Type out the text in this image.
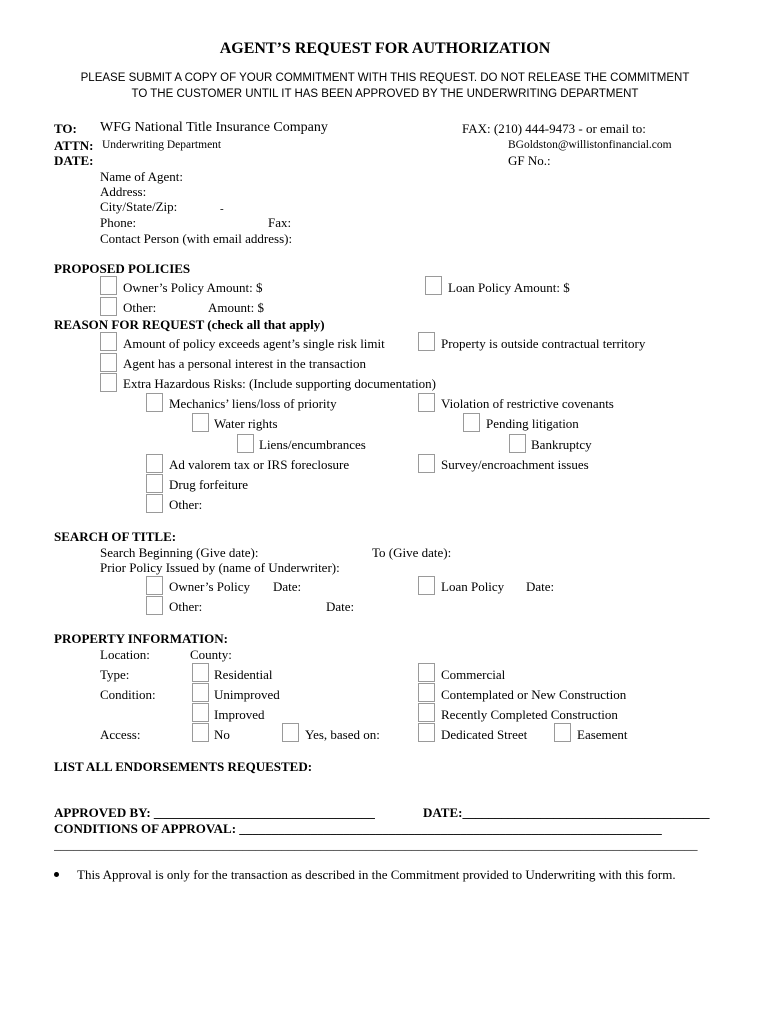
AGENT’S REQUEST FOR AUTHORIZATION
PLEASE SUBMIT A COPY OF YOUR COMMITMENT WITH THIS REQUEST. DO NOT RELEASE THE COMMITMENT
TO THE CUSTOMER UNTIL IT HAS BEEN APPROVED BY THE UNDERWRITING DEPARTMENT
TO: WFG National Title Insurance Company	FAX: (210) 444-9473 - or email to:
ATTN: Underwriting Department	BGoldston@willistonfinancial.com
DATE:	GF No.:
Name of Agent:
Address:
City/State/Zip:	-
Phone:	Fax:
Contact Person (with email address):
PROPOSED POLICIES
Owner’s Policy Amount: $	Loan Policy Amount: $
Other:	Amount: $
REASON FOR REQUEST (check all that apply)
Amount of policy exceeds agent’s single risk limit	Property is outside contractual territory
Agent has a personal interest in the transaction
Extra Hazardous Risks: (Include supporting documentation)
Mechanics’ liens/loss of priority	Violation of restrictive covenants
Water rights	Pending litigation
Liens/encumbrances	Bankruptcy
Ad valorem tax or IRS foreclosure	Survey/encroachment issues
Drug forfeiture
Other:
SEARCH OF TITLE:
Search Beginning (Give date):	To (Give date):
Prior Policy Issued by (name of Underwriter):
Owner’s Policy Date:	Loan Policy Date:
Other:	Date:
PROPERTY INFORMATION:
Location:	County:
Type:	Residential	Commercial
Condition:	Unimproved	Contemplated or New Construction
Improved	Recently Completed Construction
Access:	No	Yes, based on:	Dedicated Street	Easement
LIST ALL ENDORSEMENTS REQUESTED:
APPROVED BY: __________________________________	DATE:______________________________________
CONDITIONS OF APPROVAL: _________________________________________________________________
___________________________________________________________________________________________________
This Approval is only for the transaction as described in the Commitment provided to Underwriting with this form.
